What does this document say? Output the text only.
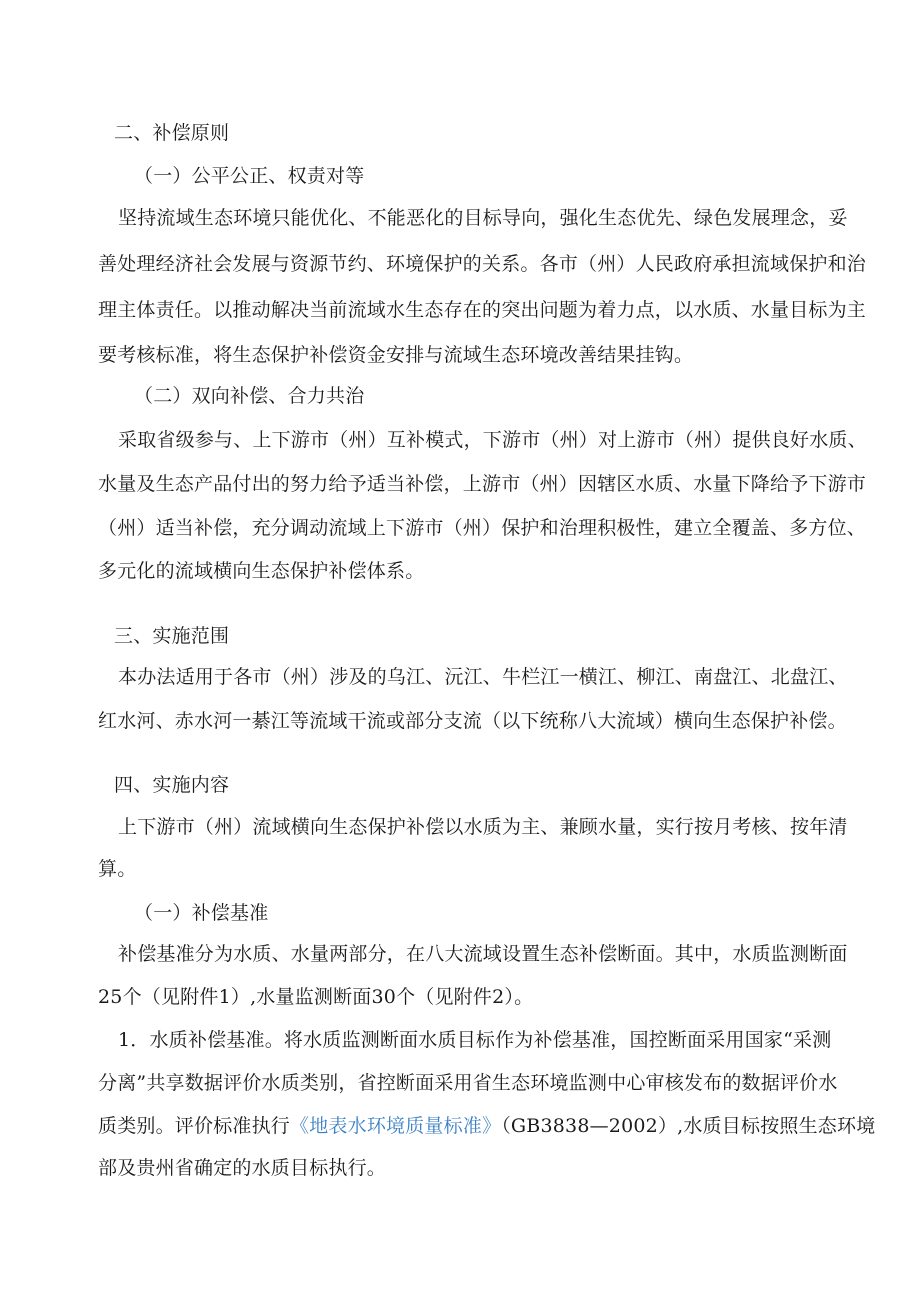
二、补偿原则
（一）公平公正、权责对等
坚持流域生态环境只能优化、不能恶化的目标导向，强化生态优先、绿色发展理念，妥
善处理经济社会发展与资源节约、环境保护的关系。各市（州）人民政府承担流域保护和治
理主体责任。以推动解决当前流域水生态存在的突出问题为着力点，以水质、水量目标为主
要考核标准，将生态保护补偿资金安排与流域生态环境改善结果挂钩。
（二）双向补偿、合力共治
采取省级参与、上下游市（州）互补模式，下游市（州）对上游市（州）提供良好水质、
水量及生态产品付出的努力给予适当补偿，上游市（州）因辖区水质、水量下降给予下游市
（州）适当补偿，充分调动流域上下游市（州）保护和治理积极性，建立全覆盖、多方位、
多元化的流域横向生态保护补偿体系。
三、实施范围
本办法适用于各市（州）涉及的乌江、沅江、牛栏江一横江、柳江、南盘江、北盘江、
红水河、赤水河一綦江等流域干流或部分支流（以下统称八大流域）横向生态保护补偿。
四、实施内容
上下游市（州）流域横向生态保护补偿以水质为主、兼顾水量，实行按月考核、按年清
算。
（一）补偿基准
补偿基准分为水质、水量两部分，在八大流域设置生态补偿断面。其中，水质监测断面
25个（见附件1）,水量监测断面30个（见附件2）。
1．水质补偿基准。将水质监测断面水质目标作为补偿基准，国控断面采用国家“采测
分离”共享数据评价水质类别，省控断面采用省生态环境监测中心审核发布的数据评价水
质类别。评价标准执行《地表水环境质量标准》（GB3838—2002）,水质目标按照生态环境
部及贵州省确定的水质目标执行。
